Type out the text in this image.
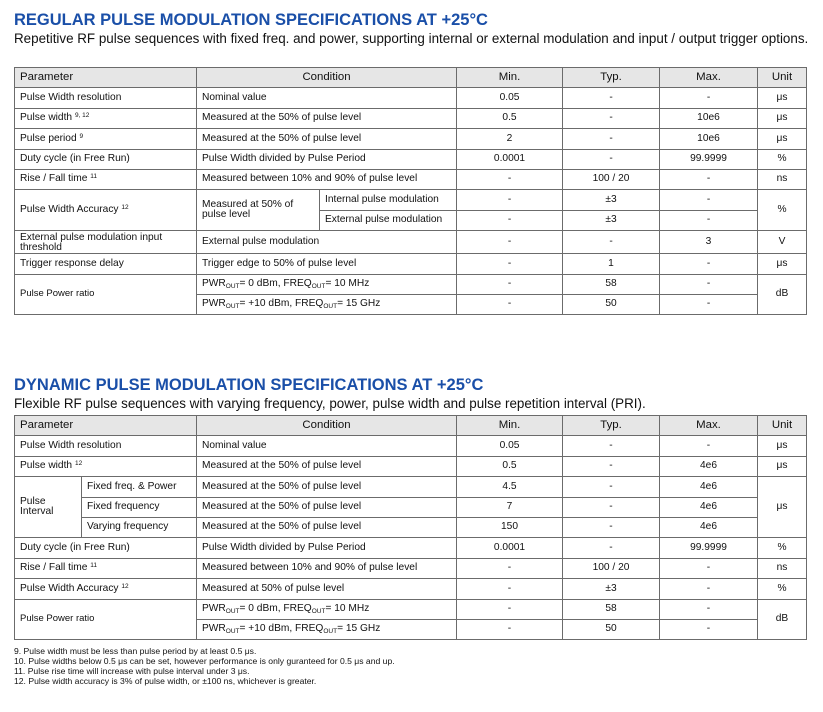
REGULAR PULSE MODULATION SPECIFICATIONS AT +25°C
Repetitive RF pulse sequences with fixed freq. and power, supporting internal or external modulation and input / output trigger options.
Parameter	Condition		Min.	Typ.	Max.	Unit
Pulse Width resolution	Nominal value		0.05	-	-	μs
Pulse width $^{9, 12}$	Measured at the 50% of pulse level		0.5	-	10e6	μs
Pulse period $^9$	Measured at the 50% of pulse level		2	-	10e6	μs
Duty cycle (in Free Run)	Pulse Width divided by Pulse Period		0.0001	-	99.9999	%
Rise / Fall time $^{11}$	Measured between 10% and 90% of pulse level		-	100 / 20	-	ns
Pulse Width Accuracy $^{12}$	Measured at 50% of pulse level	Internal pulse modulation	-	±3	-	%
		External pulse modulation	-	±3	-	
External pulse modulation input threshold	External pulse modulation		-	-	3	V
Trigger response delay	Trigger edge to 50% of pulse level		-	1	-	μs
Pulse Power ratio	$PWR_{OUT}= 0$ dBm, $FREQ_{OUT}= 10$ MHz		-	58	-	dB
	$PWR_{OUT}= +10$ dBm, $FREQ_{OUT}= 15$ GHz		-	50	-	
DYNAMIC PULSE MODULATION SPECIFICATIONS AT +25°C
Flexible RF pulse sequences with varying frequency, power, pulse width and pulse repetition interval (PRI).
Parameter		Condition	Min.	Typ.	Max.	Unit
Pulse Width resolution		Nominal value	0.05	-	-	μs
Pulse width $^{12}$		Measured at the 50% of pulse level	0.5	-	4e6	μs
Pulse Interval	Fixed freq. & Power	Measured at the 50% of pulse level	4.5	-	4e6	μs
	Fixed frequency	Measured at the 50% of pulse level	7	-	4e6	
	Varying frequency	Measured at the 50% of pulse level	150	-	4e6	
Duty cycle (in Free Run)		Pulse Width divided by Pulse Period	0.0001	-	99.9999	%
Rise / Fall time $^{11}$		Measured between 10% and 90% of pulse level	-	100 / 20	-	ns
Pulse Width Accuracy $^{12}$		Measured at 50% of pulse level	-	±3	-	%
Pulse Power ratio		$PWR_{OUT}= 0$ dBm, $FREQ_{OUT}= 10$ MHz	-	58	-	dB
		$PWR_{OUT}= +10$ dBm, $FREQ_{OUT}= 15$ GHz	-	50	-	
9. Pulse width must be less than pulse period by at least 0.5 μs.
10. Pulse widths below 0.5 μs can be set, however performance is only guranteed for 0.5 μs and up.
11. Pulse rise time will increase with pulse interval under 3 μs.
12. Pulse width accuracy is 3% of pulse width, or ±100 ns, whichever is greater.
